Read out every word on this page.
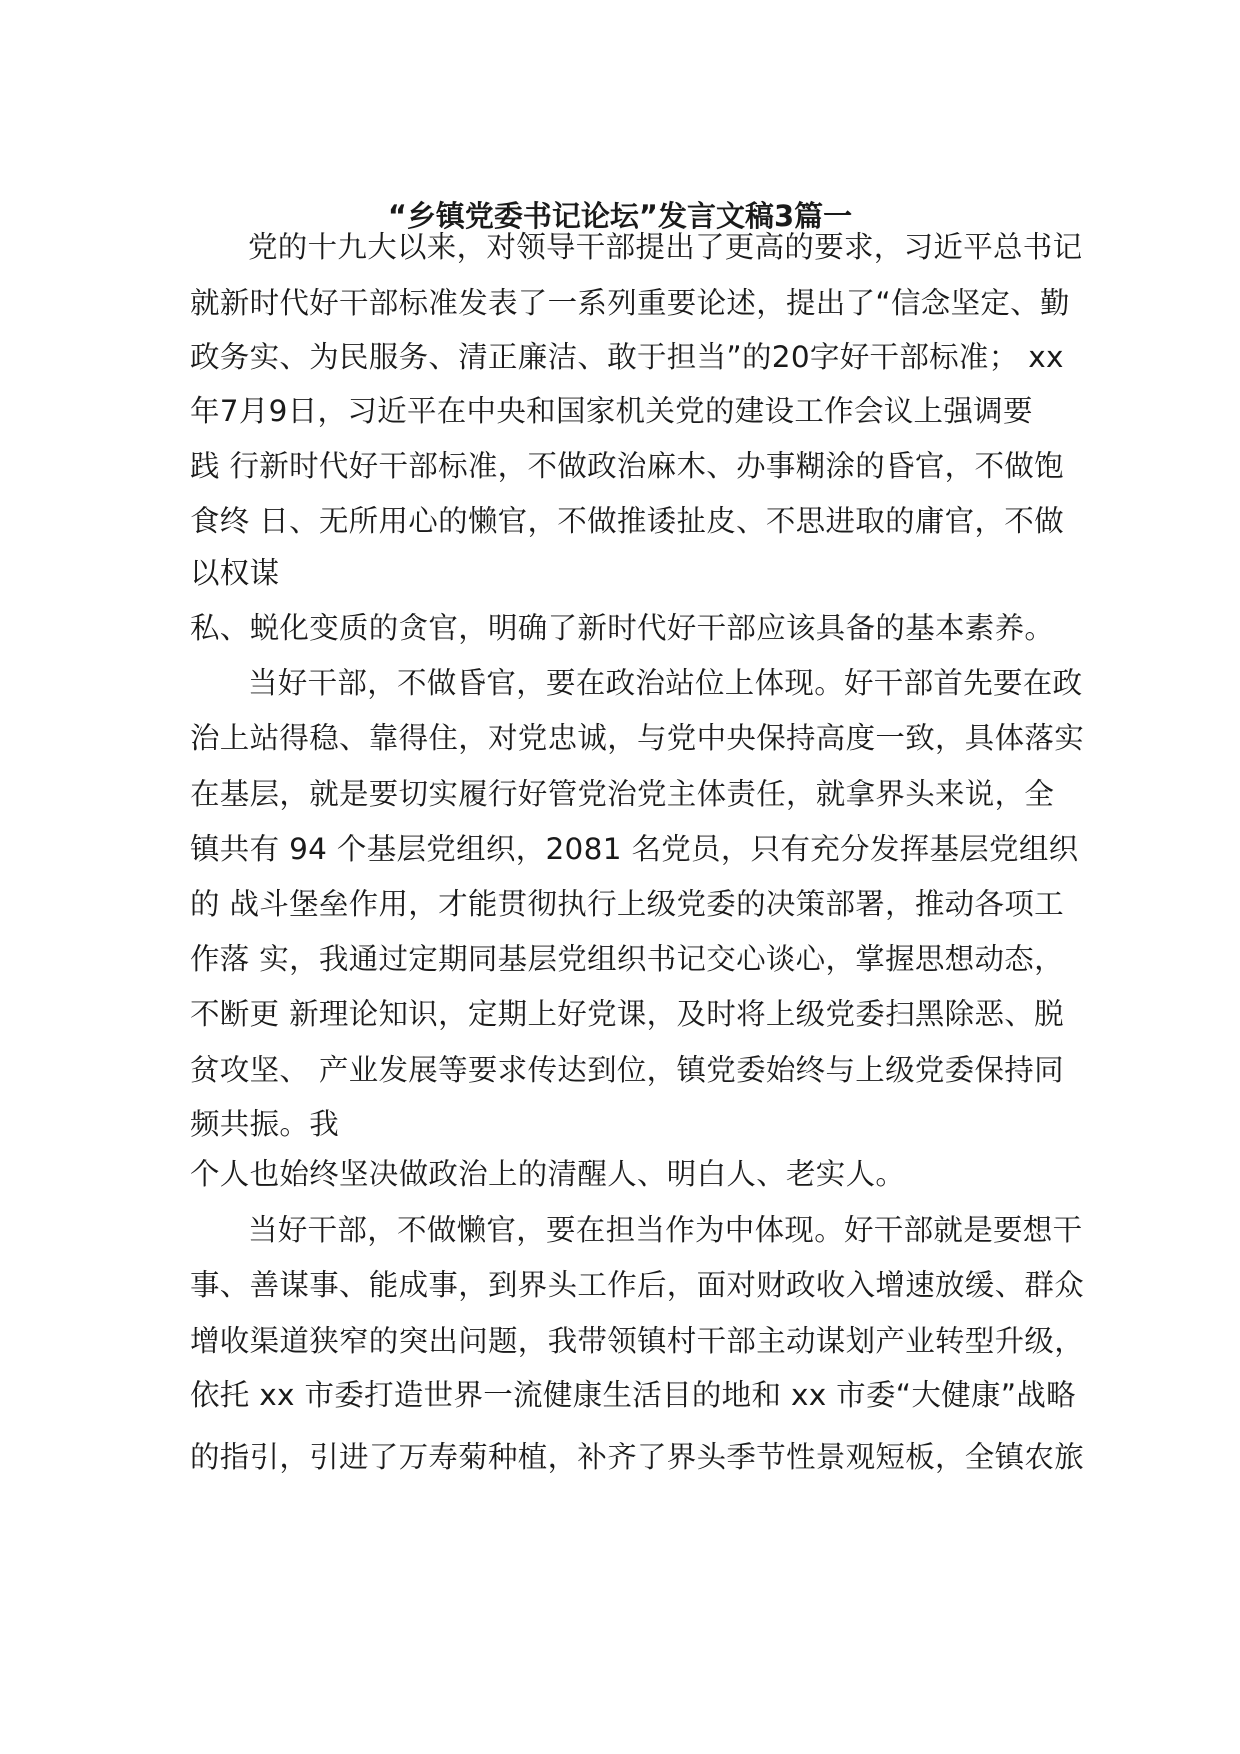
“乡镇党委书记论坛”发言文稿3篇一
党的十九大以来，对领导干部提出了更高的要求，习近平总书记
就新时代好干部标准发表了一系列重要论述，提出了“信念坚定、勤
政务实、为民服务、清正廉洁、敢于担当”的20字好干部标准； xx
年7月9日，习近平在中央和国家机关党的建设工作会议上强调要
践 行新时代好干部标准，不做政治麻木、办事糊涂的昏官，不做饱
食终 日、无所用心的懒官，不做推诿扯皮、不思进取的庸官，不做
以权谋
私、蜕化变质的贪官，明确了新时代好干部应该具备的基本素养。
当好干部，不做昏官，要在政治站位上体现。好干部首先要在政
治上站得稳、靠得住，对党忠诚，与党中央保持高度一致，具体落实
在基层，就是要切实履行好管党治党主体责任，就拿界头来说，全
镇共有 94 个基层党组织，2081 名党员，只有充分发挥基层党组织
的 战斗堡垒作用，才能贯彻执行上级党委的决策部署，推动各项工
作落 实，我通过定期同基层党组织书记交心谈心，掌握思想动态，
不断更 新理论知识，定期上好党课，及时将上级党委扫黑除恶、脱
贫攻坚、 产业发展等要求传达到位，镇党委始终与上级党委保持同
频共振。我
个人也始终坚决做政治上的清醒人、明白人、老实人。
当好干部，不做懒官，要在担当作为中体现。好干部就是要想干
事、善谋事、能成事，到界头工作后，面对财政收入增速放缓、群众
增收渠道狭窄的突出问题，我带领镇村干部主动谋划产业转型升级，
依托 xx 市委打造世界一流健康生活目的地和 xx 市委“大健康”战略
的指引，引进了万寿菊种植，补齐了界头季节性景观短板，全镇农旅
